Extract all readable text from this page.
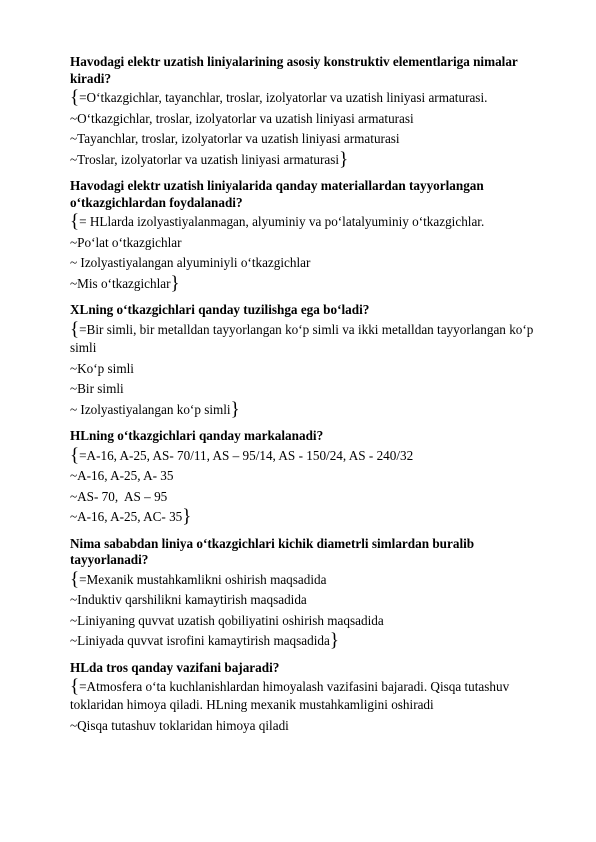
Havodagi elektr uzatish liniyalarining asosiy konstruktiv elementlariga nimalar kiradi?
{=O‘tkazgichlar, tayanchlar, troslar, izolyatorlar va uzatish liniyasi armaturasi.
~O‘tkazgichlar, troslar, izolyatorlar va uzatish liniyasi armaturasi
~Tayanchlar, troslar, izolyatorlar va uzatish liniyasi armaturasi
~Troslar, izolyatorlar va uzatish liniyasi armaturasi}
Havodagi elektr uzatish liniyalarida qanday materiallardan tayyorlangan o‘tkazgichlardan foydalanadi?
{= HLlarda izolyastiyalanmagan, alyuminiy va po‘latalyuminiy o‘tkazgichlar.
~Po‘lat o‘tkazgichlar
~ Izolyastiyalangan alyuminiyli o‘tkazgichlar
~Mis o‘tkazgichlar}
XLning o‘tkazgichlari qanday tuzilishga ega bo‘ladi?
{=Bir simli, bir metalldan tayyorlangan ko‘p simli va ikki metalldan tayyorlangan ko‘p simli
~Ko‘p simli
~Bir simli
~ Izolyastiyalangan ko‘p simli}
HLning o‘tkazgichlari qanday markalanadi?
{=A-16, A-25, AS- 70/11, AS – 95/14, AS - 150/24, AS - 240/32
~A-16, A-25, A- 35
~AS- 70,  AS – 95
~A-16, A-25, AC- 35}
Nima sababdan liniya o‘tkazgichlari kichik diametrli simlardan buralib tayyorlanadi?
{=Mexanik mustahkamlikni oshirish maqsadida
~Induktiv qarshilikni kamaytirish maqsadida
~Liniyaning quvvat uzatish qobiliyatini oshirish maqsadida
~Liniyada quvvat isrofini kamaytirish maqsadida}
HLda tros qanday vazifani bajaradi?
{=Atmosfera o‘ta kuchlanishlardan himoyalash vazifasini bajaradi. Qisqa tutashuv toklaridan himoya qiladi. HLning mexanik mustahkamligini oshiradi
~Qisqa tutashuv toklaridan himoya qiladi
